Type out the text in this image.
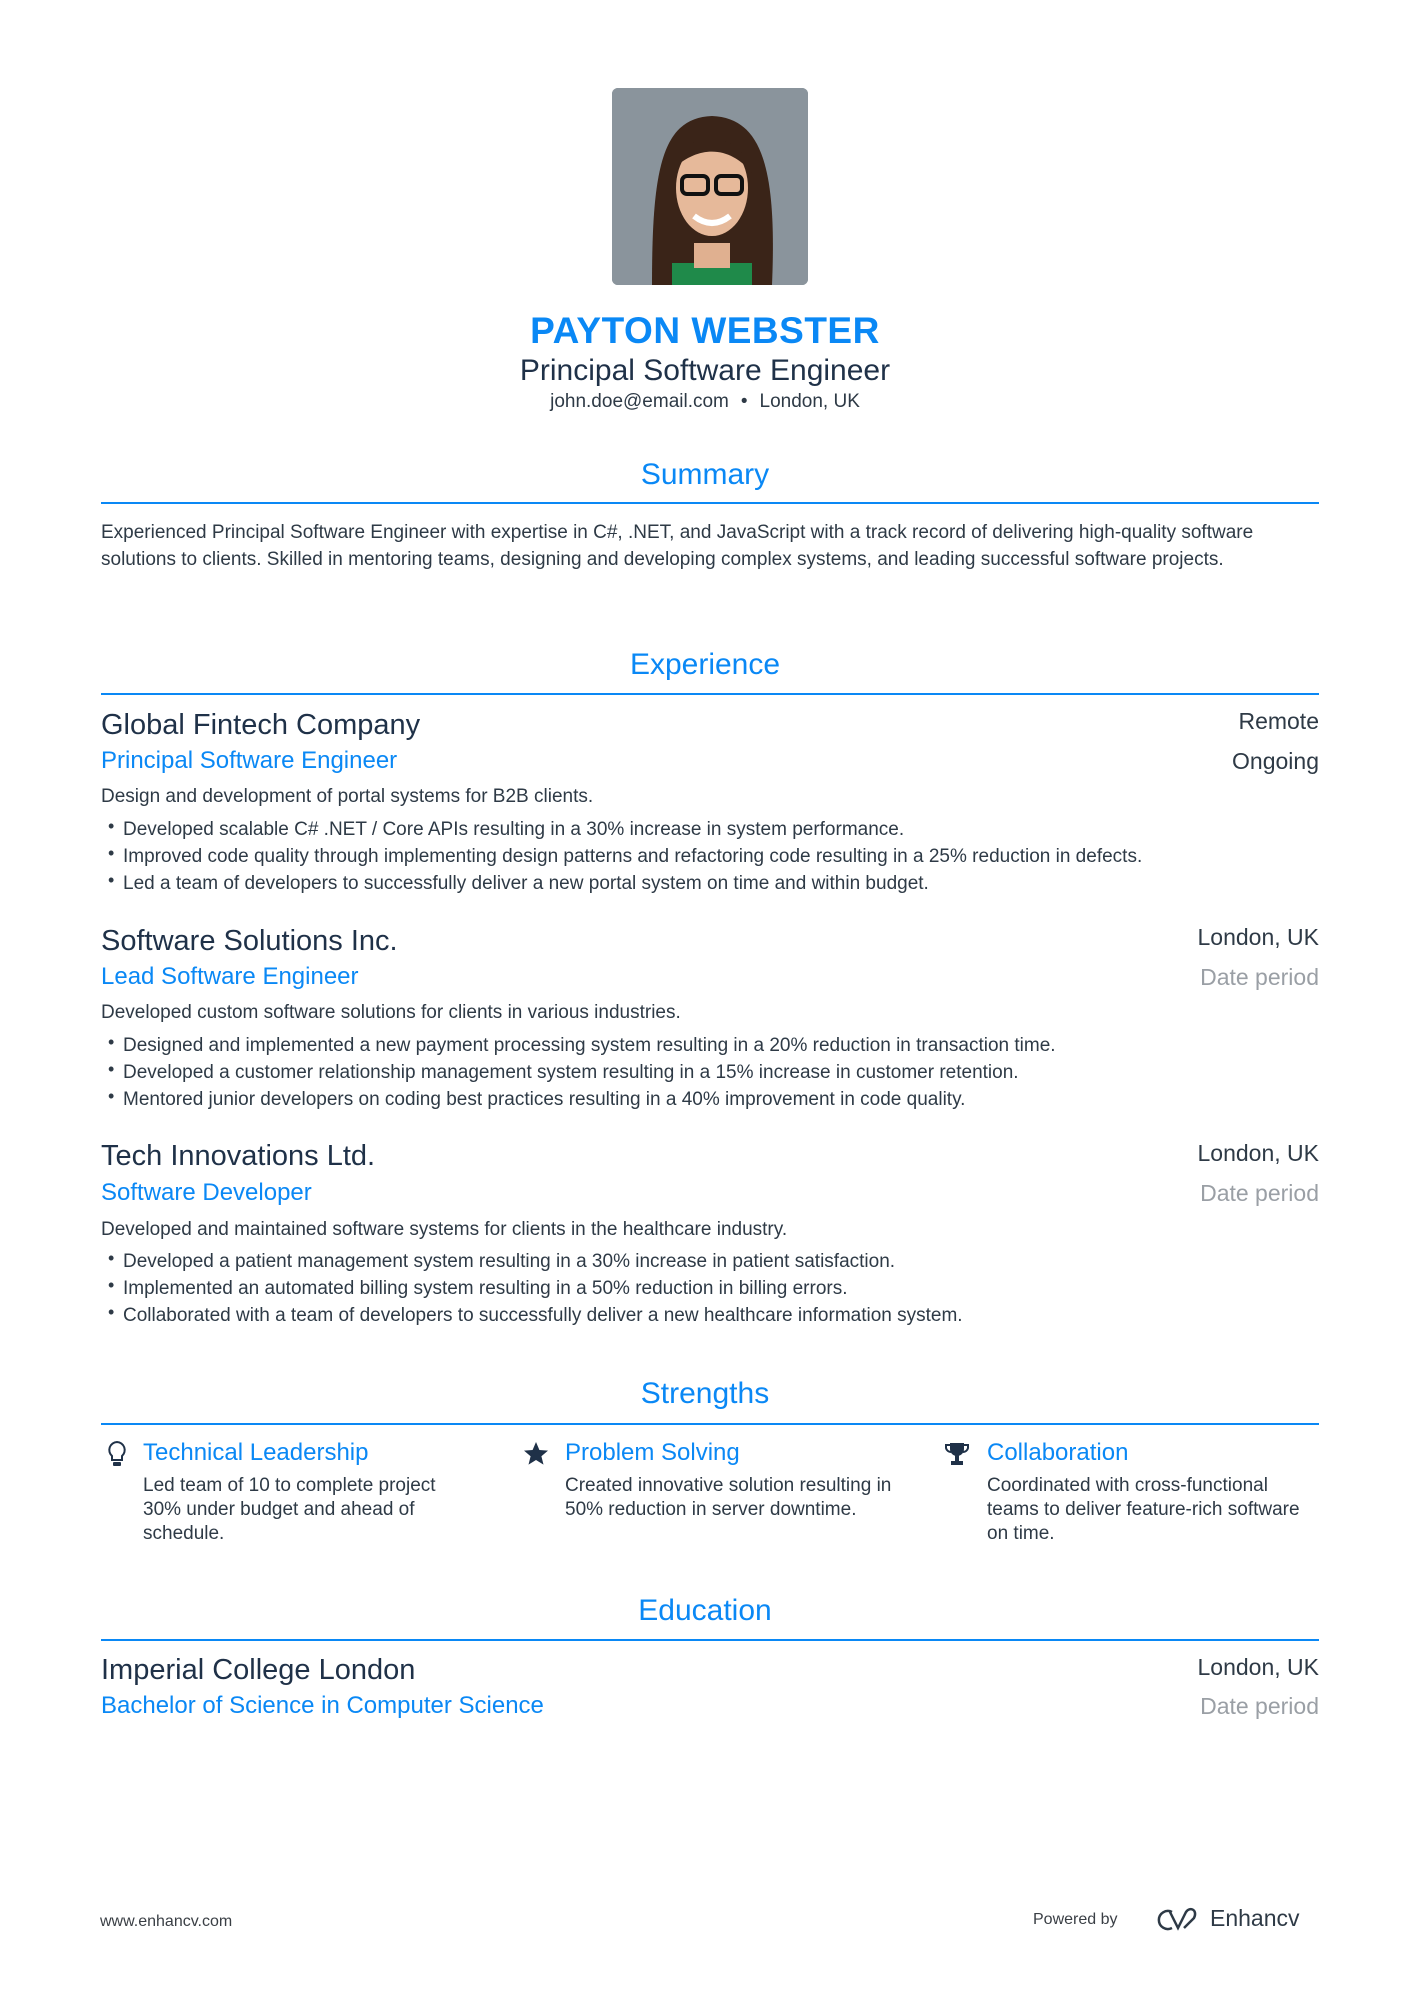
PAYTON WEBSTER
Principal Software Engineer
john.doe@email.com • London, UK
Summary
Experienced Principal Software Engineer with expertise in C#, .NET, and JavaScript with a track record of delivering high-quality software solutions to clients. Skilled in mentoring teams, designing and developing complex systems, and leading successful software projects.
Experience
Global Fintech Company
Principal Software Engineer
Remote
Ongoing
Design and development of portal systems for B2B clients.
• Developed scalable C# .NET / Core APIs resulting in a 30% increase in system performance.
• Improved code quality through implementing design patterns and refactoring code resulting in a 25% reduction in defects.
• Led a team of developers to successfully deliver a new portal system on time and within budget.
Software Solutions Inc.
Lead Software Engineer
London, UK
Date period
Developed custom software solutions for clients in various industries.
• Designed and implemented a new payment processing system resulting in a 20% reduction in transaction time.
• Developed a customer relationship management system resulting in a 15% increase in customer retention.
• Mentored junior developers on coding best practices resulting in a 40% improvement in code quality.
Tech Innovations Ltd.
Software Developer
London, UK
Date period
Developed and maintained software systems for clients in the healthcare industry.
• Developed a patient management system resulting in a 30% increase in patient satisfaction.
• Implemented an automated billing system resulting in a 50% reduction in billing errors.
• Collaborated with a team of developers to successfully deliver a new healthcare information system.
Strengths
Technical Leadership
Led team of 10 to complete project 30% under budget and ahead of schedule.
Problem Solving
Created innovative solution resulting in 50% reduction in server downtime.
Collaboration
Coordinated with cross-functional teams to deliver feature-rich software on time.
Education
Imperial College London
Bachelor of Science in Computer Science
London, UK
Date period
www.enhancv.com	Powered by	Enhancv
